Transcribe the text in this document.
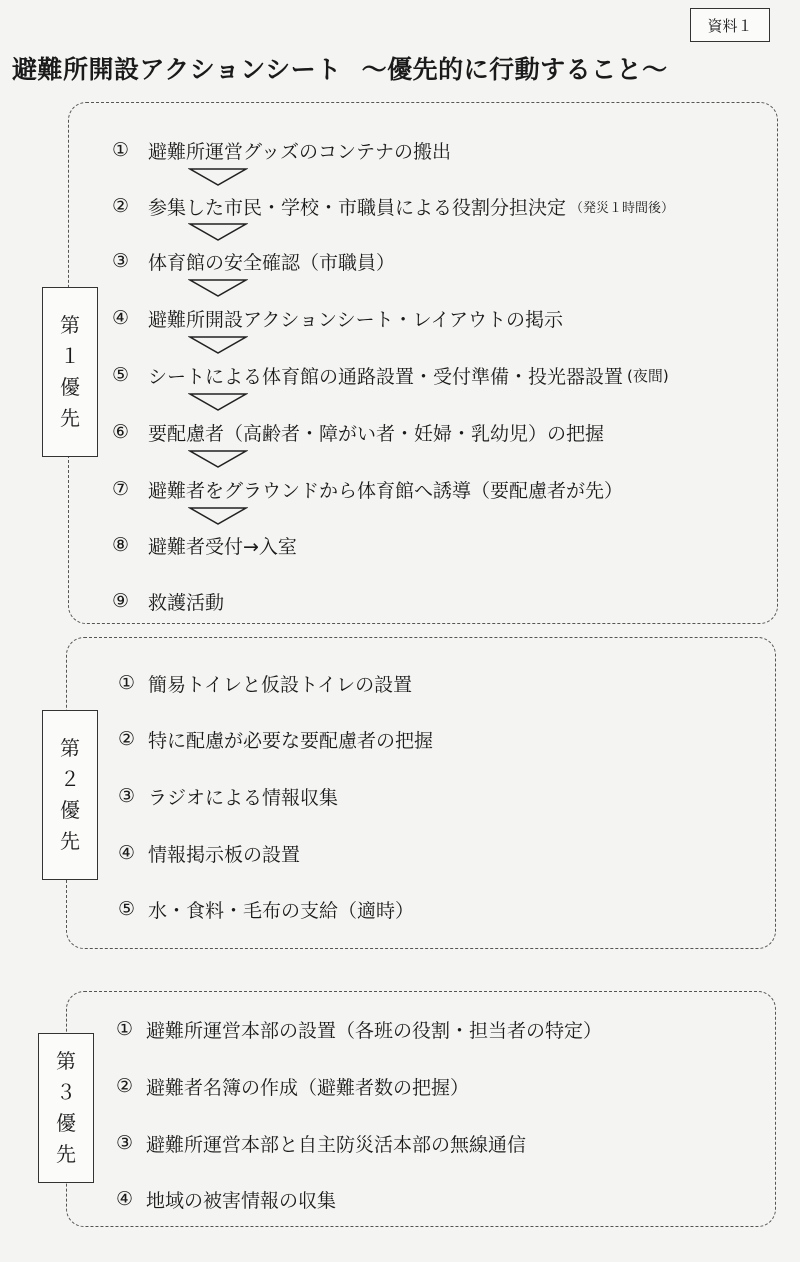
資料１
避難所開設アクションシート ～優先的に行動すること～
第
１
優
先
① 避難所運営グッズのコンテナの搬出
② 参集した市民・学校・市職員による役割分担決定 （発災１時間後）
③ 体育館の安全確認（市職員）
④ 避難所開設アクションシート・レイアウトの掲示
⑤ シートによる体育館の通路設置・受付準備・投光器設置 (夜間)
⑥ 要配慮者（高齢者・障がい者・妊婦・乳幼児）の把握
⑦ 避難者をグラウンドから体育館へ誘導（要配慮者が先）
⑧ 避難者受付→入室
⑨ 救護活動
第
２
優
先
① 簡易トイレと仮設トイレの設置
② 特に配慮が必要な要配慮者の把握
③ ラジオによる情報収集
④ 情報掲示板の設置
⑤ 水・食料・毛布の支給（適時）
第
３
優
先
① 避難所運営本部の設置（各班の役割・担当者の特定）
② 避難者名簿の作成（避難者数の把握）
③ 避難所運営本部と自主防災活本部の無線通信
④ 地域の被害情報の収集
